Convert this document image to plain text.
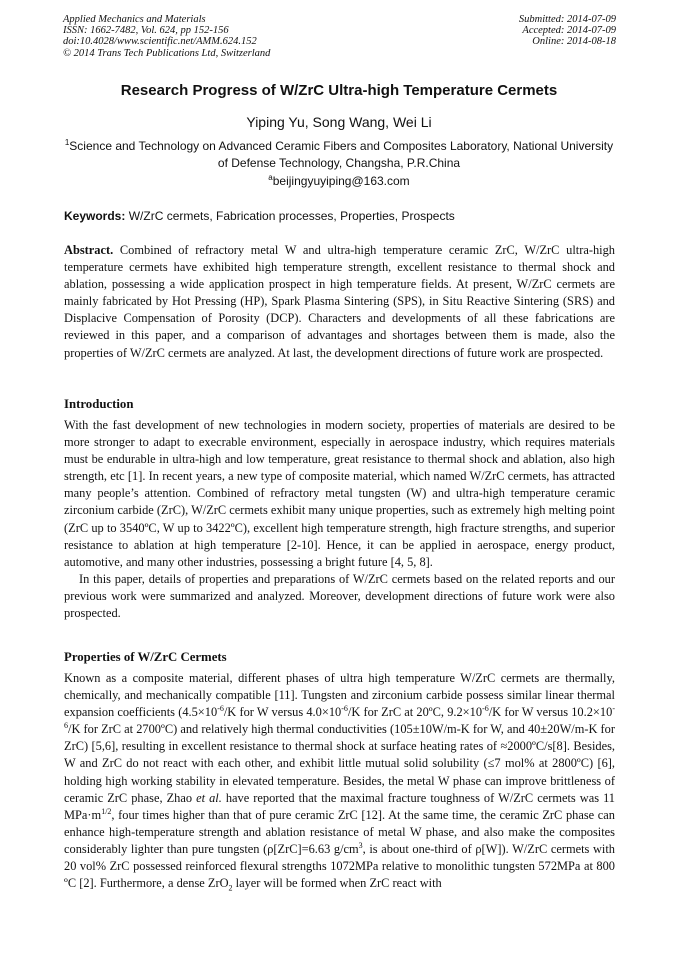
Applied Mechanics and Materials
ISSN: 1662-7482, Vol. 624, pp 152-156
doi:10.4028/www.scientific.net/AMM.624.152
© 2014 Trans Tech Publications Ltd, Switzerland
Submitted: 2014-07-09
Accepted: 2014-07-09
Online: 2014-08-18
Research Progress of W/ZrC Ultra-high Temperature Cermets
Yiping Yu, Song Wang, Wei Li
$^1$Science and Technology on Advanced Ceramic Fibers and Composites Laboratory, National University of Defense Technology, Changsha, P.R.China
$^a$beijingyuyiping@163.com
Keywords: W/ZrC cermets, Fabrication processes, Properties, Prospects
Abstract. Combined of refractory metal W and ultra-high temperature ceramic ZrC, W/ZrC ultra-high temperature cermets have exhibited high temperature strength, excellent resistance to thermal shock and ablation, possessing a wide application prospect in high temperature fields. At present, W/ZrC cermets are mainly fabricated by Hot Pressing (HP), Spark Plasma Sintering (SPS), in Situ Reactive Sintering (SRS) and Displacive Compensation of Porosity (DCP). Characters and developments of all these fabrications are reviewed in this paper, and a comparison of advantages and shortages between them is made, also the properties of W/ZrC cermets are analyzed. At last, the development directions of future work are prospected.
Introduction

With the fast development of new technologies in modern society, properties of materials are desired to be more stronger to adapt to execrable environment, especially in aerospace industry, which requires materials must be endurable in ultra-high and low temperature, great resistance to thermal shock and ablation, also high strength, etc [1]. In recent years, a new type of composite material, which named W/ZrC cermets, has attracted many people’s attention. Combined of refractory metal tungsten (W) and ultra-high temperature ceramic zirconium carbide (ZrC), W/ZrC cermets exhibit many unique properties, such as extremely high melting point (ZrC up to 3540ºC, W up to 3422ºC), excellent high temperature strength, high fracture strengths, and superior resistance to ablation at high temperature [2-10]. Hence, it can be applied in aerospace, energy product, automotive, and many other industries, possessing a bright future [4, 5, 8].

In this paper, details of properties and preparations of W/ZrC cermets based on the related reports and our previous work were summarized and analyzed. Moreover, development directions of future work were also prospected.

Properties of W/ZrC Cermets
Known as a composite material, different phases of ultra high temperature W/ZrC cermets are thermally, chemically, and mechanically compatible [11]. Tungsten and zirconium carbide possess similar linear thermal expansion coefficients ($4.5\times 10^{-6}/K$ for W versus $4.0\times 10^{-6}/K$ for ZrC at 20ºC, $9.2\times 10^{-6}/K$ for W versus $10.2\times 10^{-6}/K$ for ZrC at 2700ºC) and relatively high thermal conductivities (105±10W/m-K for W, and 40±20W/m-K for ZrC) [5,6], resulting in excellent resistance to thermal shock at surface heating rates of ≈2000ºC/s[8]. Besides, W and ZrC do not react with each other, and exhibit little mutual solid solubility (≤7 mol% at 2800ºC) [6], holding high working stability in elevated temperature. Besides, the metal W phase can improve brittleness of ceramic ZrC phase, Zhao et al. have reported that the maximal fracture toughness of W/ZrC cermets was 11 $MPa\cdot m^{1/2}$, four times higher than that of pure ceramic ZrC [12]. At the same time, the ceramic ZrC phase can enhance high-temperature strength and ablation resistance of metal W phase, and also make the composites considerably lighter than pure tungsten (ρ[ZrC]=6.63 $g/cm^3$, is about one-third of ρ[W]). W/ZrC cermets with 20 vol% ZrC possessed reinforced flexural strengths 1072MPa relative to monolithic tungsten 572MPa at 800 ºC [2]. Furthermore, a dense ZrO$_2$ layer will be formed when ZrC react with
